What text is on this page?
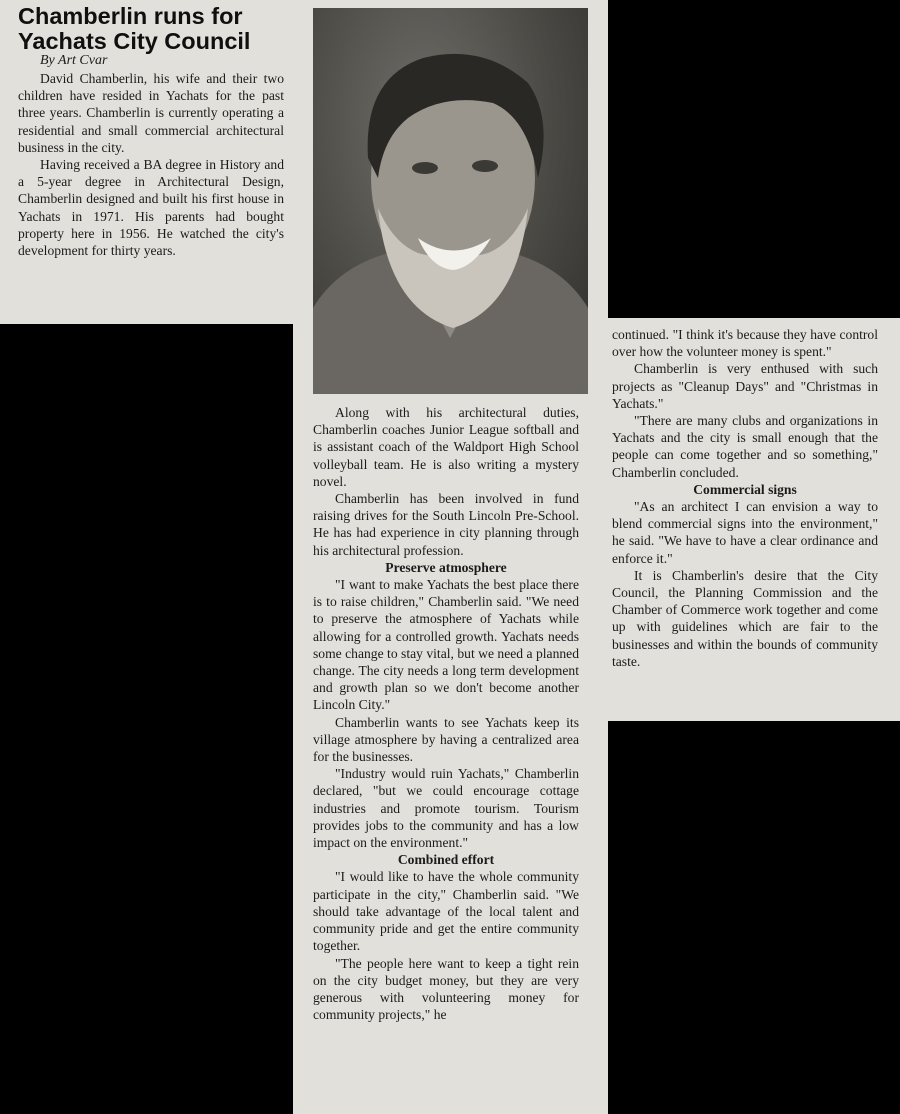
Chamberlin runs for Yachats City Council

By Art Cvar

David Chamberlin, his wife and their two children have resided in Yachats for the past three years. Chamberlin is currently operating a residential and small commercial architectural business in the city.

Having received a BA degree in History and a 5-year degree in Architectural Design, Chamberlin designed and built his first house in Yachats in 1971. His parents had bought property here in 1956. He watched the city's development for thirty years.

Along with his architectural duties, Chamberlin coaches Junior League softball and is assistant coach of the Waldport High School volleyball team. He is also writing a mystery novel.

Chamberlin has been involved in fund raising drives for the South Lincoln Pre-School. He has had experience in city planning through his architectural profession.

Preserve atmosphere

"I want to make Yachats the best place there is to raise children," Chamberlin said. "We need to preserve the atmosphere of Yachats while allowing for a controlled growth. Yachats needs some change to stay vital, but we need a planned change. The city needs a long term development and growth plan so we don't become another Lincoln City."

Chamberlin wants to see Yachats keep its village atmosphere by having a centralized area for the businesses.

"Industry would ruin Yachats," Chamberlin declared, "but we could encourage cottage industries and promote tourism. Tourism provides jobs to the community and has a low impact on the environment."

Combined effort

"I would like to have the whole community participate in the city," Chamberlin said. "We should take advantage of the local talent and community pride and get the entire community together.

"The people here want to keep a tight rein on the city budget money, but they are very generous with volunteering money for community projects," he

continued. "I think it's because they have control over how the volunteer money is spent."

Chamberlin is very enthused with such projects as "Cleanup Days" and "Christmas in Yachats."

"There are many clubs and organizations in Yachats and the city is small enough that the people can come together and so something," Chamberlin concluded.

Commercial signs

"As an architect I can envision a way to blend commercial signs into the environment," he said. "We have to have a clear ordinance and enforce it."

It is Chamberlin's desire that the City Council, the Planning Commission and the Chamber of Commerce work together and come up with guidelines which are fair to the businesses and within the bounds of community taste.
